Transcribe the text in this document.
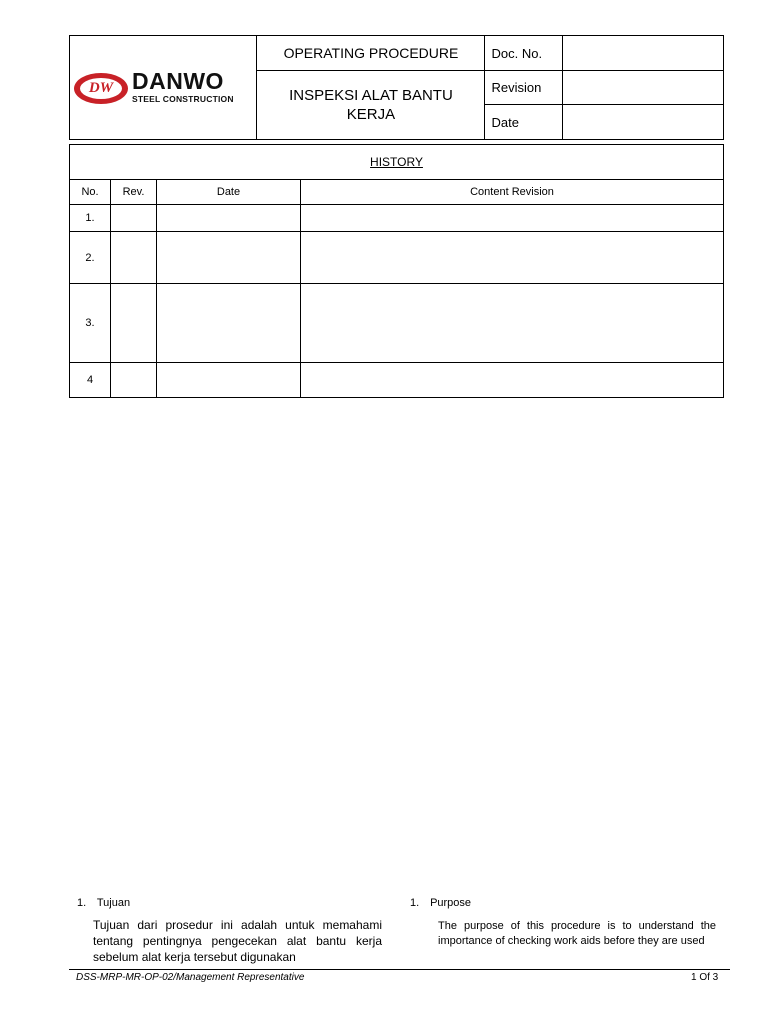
DW DANWO
STEEL CONSTRUCTION	OPERATING PROCEDURE	Doc. No.	

	INSPEKSI ALAT BANTU KERJA	Revision	
		Date	
HISTORY			
No.	Rev.	Date	Content Revision
1.			
2.			
3.			
4			
1. Tujuan
Tujuan dari prosedur ini adalah untuk memahami tentang pentingnya pengecekan alat bantu kerja sebelum alat kerja tersebut digunakan
1. Purpose
The purpose of this procedure is to understand the importance of checking work aids before they are used
DSS-MRP-MR-OP-02/Management Representative	1 Of 3
